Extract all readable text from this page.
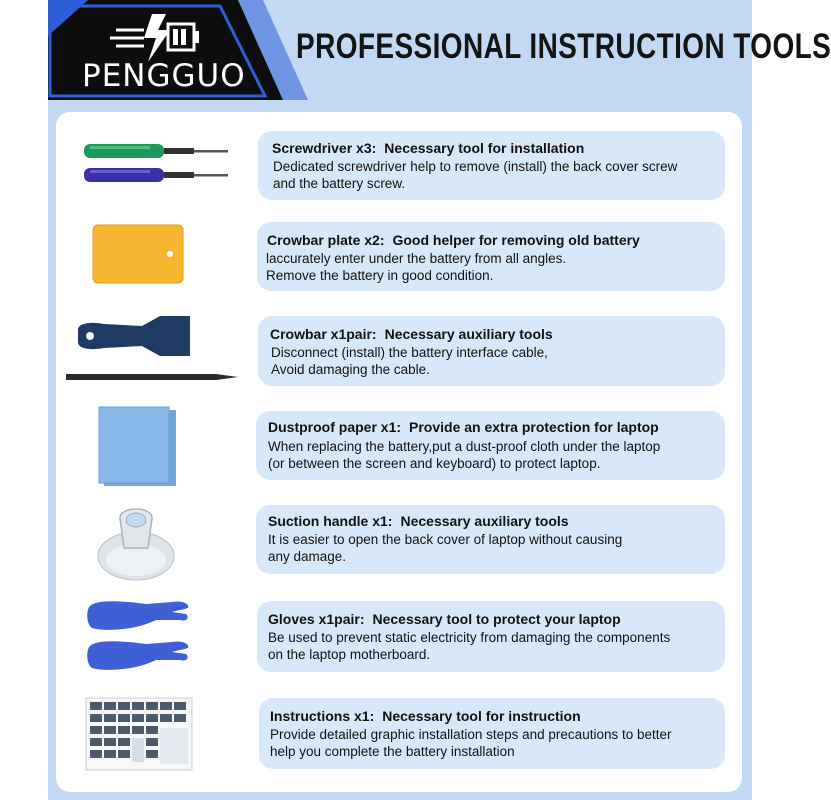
PENGGUO
PROFESSIONAL INSTRUCTION TOOLS
Screwdriver x3: Necessary tool for installation
Dedicated screwdriver help to remove (install) the back cover screw
and the battery screw.
Crowbar plate x2: Good helper for removing old battery
laccurately enter under the battery from all angles.
Remove the battery in good condition.
Crowbar x1pair: Necessary auxiliary tools
Disconnect (install) the battery interface cable,
Avoid damaging the cable.
Dustproof paper x1: Provide an extra protection for laptop
When replacing the battery,put a dust-proof cloth under the laptop
(or between the screen and keyboard) to protect laptop.
Suction handle x1: Necessary auxiliary tools
It is easier to open the back cover of laptop without causing
any damage.
Gloves x1pair: Necessary tool to protect your laptop
Be used to prevent static electricity from damaging the components
on the laptop motherboard.
Instructions x1: Necessary tool for instruction
Provide detailed graphic installation steps and precautions to better
help you complete the battery installation
